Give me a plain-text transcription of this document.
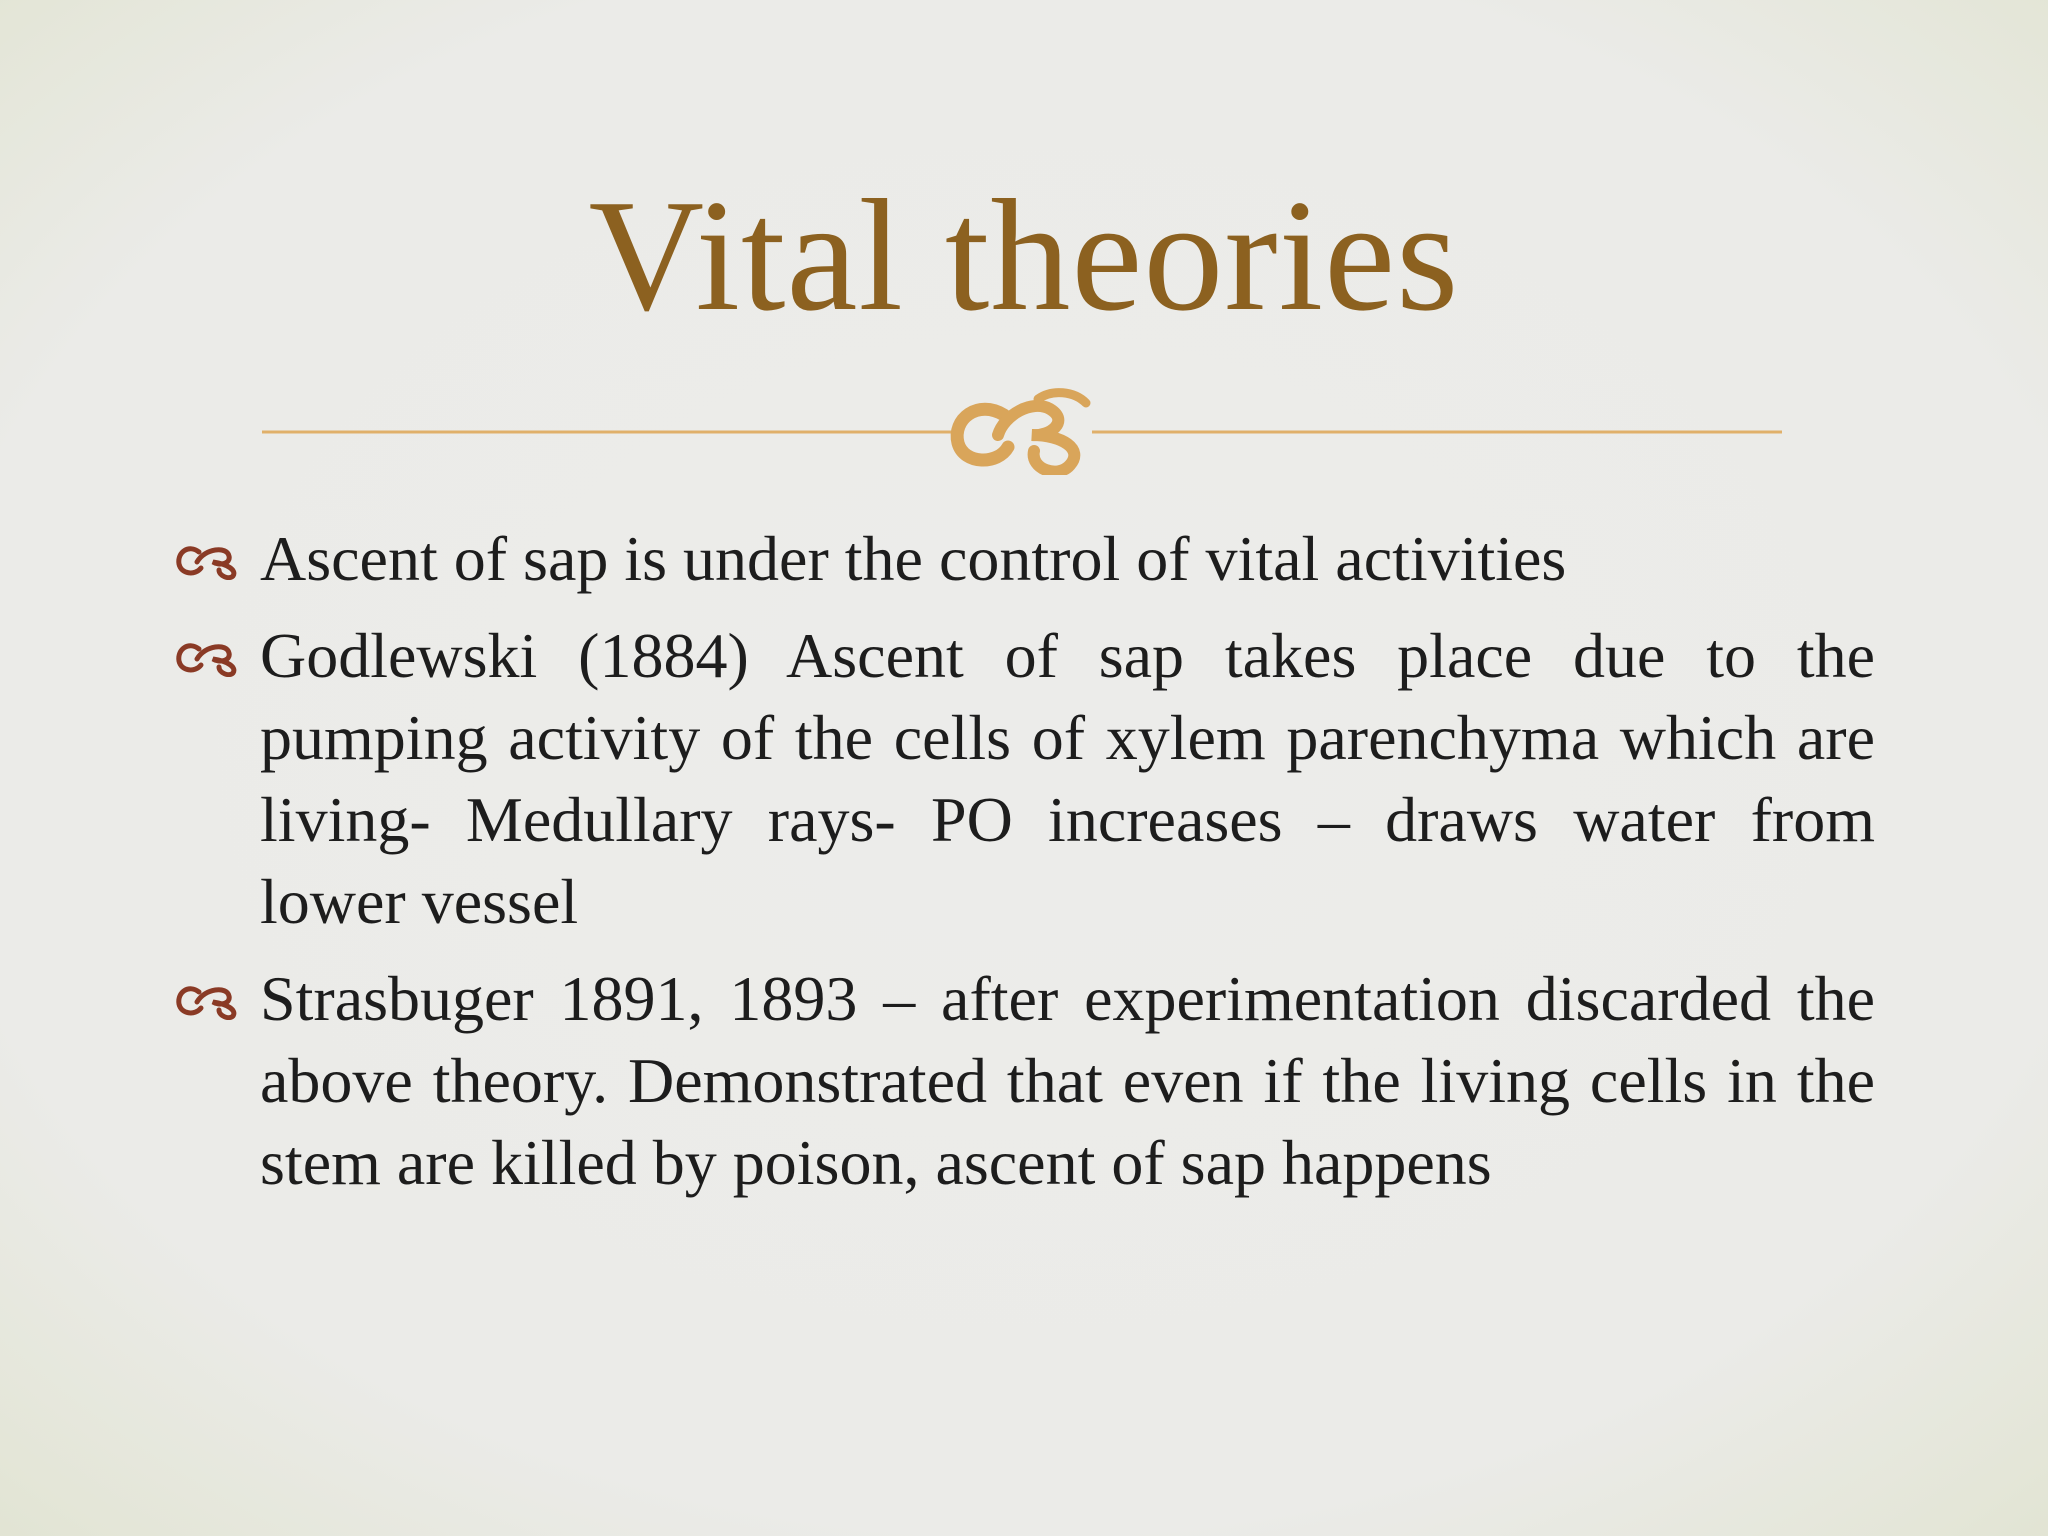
Vital theories
Ascent of sap is under the control of vital activities
Godlewski (1884) Ascent of sap takes place due to the pumping activity of the cells of xylem parenchyma which are living- Medullary rays- PO increases – draws water from lower vessel
Strasbuger 1891, 1893 – after experimentation discarded the above theory. Demonstrated that even if the living cells in the stem are killed by poison, ascent of sap happens
